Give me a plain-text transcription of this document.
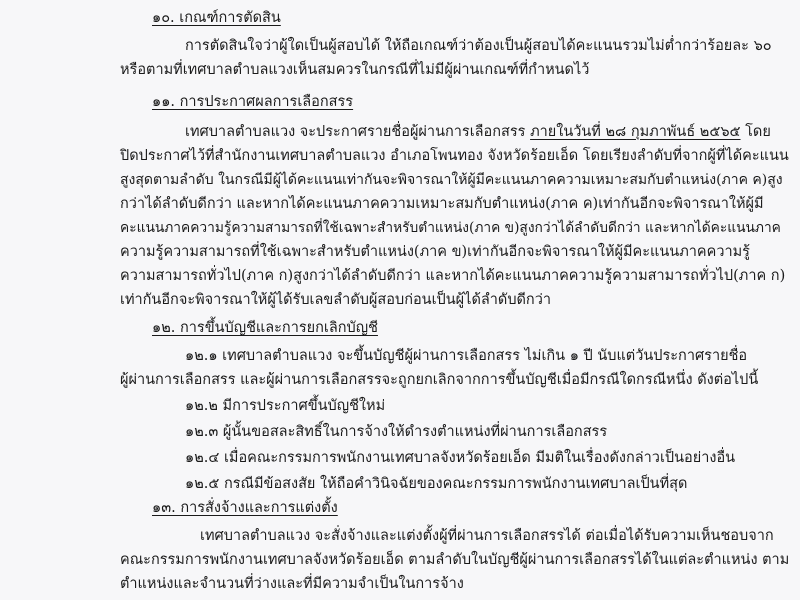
๑๐. เกณฑ์การตัดสิน
การตัดสินใจว่าผู้ใดเป็นผู้สอบได้ ให้ถือเกณฑ์ว่าต้องเป็นผู้สอบได้คะแนนรวมไม่ต่ำกว่าร้อยละ ๖๐
หรือตามที่เทศบาลตำบลแวงเห็นสมควรในกรณีที่ไม่มีผู้ผ่านเกณฑ์ที่กำหนดไว้
๑๑. การประกาศผลการเลือกสรร
เทศบาลตำบลแวง จะประกาศรายชื่อผู้ผ่านการเลือกสรร ภายในวันที่ ๒๘ กุมภาพันธ์ ๒๕๖๕ โดย
ปิดประกาศไว้ที่สำนักงานเทศบาลตำบลแวง อำเภอโพนทอง จังหวัดร้อยเอ็ด โดยเรียงลำดับที่จากผู้ที่ได้คะแนน
สูงสุดตามลำดับ ในกรณีมีผู้ได้คะแนนเท่ากันจะพิจารณาให้ผู้มีคะแนนภาคความเหมาะสมกับตำแหน่ง(ภาค ค)สูง
กว่าได้ลำดับดีกว่า และหากได้คะแนนภาคความเหมาะสมกับตำแหน่ง(ภาค ค)เท่ากันอีกจะพิจารณาให้ผู้มี
คะแนนภาคความรู้ความสามารถที่ใช้เฉพาะสำหรับตำแหน่ง(ภาค ข)สูงกว่าได้ลำดับดีกว่า และหากได้คะแนนภาค
ความรู้ความสามารถที่ใช้เฉพาะสำหรับตำแหน่ง(ภาค ข)เท่ากันอีกจะพิจารณาให้ผู้มีคะแนนภาคความรู้
ความสามารถทั่วไป(ภาค ก)สูงกว่าได้ลำดับดีกว่า และหากได้คะแนนภาคความรู้ความสามารถทั่วไป(ภาค ก)
เท่ากันอีกจะพิจารณาให้ผู้ได้รับเลขลำดับผู้สอบก่อนเป็นผู้ได้ลำดับดีกว่า
๑๒. การขึ้นบัญชีและการยกเลิกบัญชี
๑๒.๑ เทศบาลตำบลแวง จะขึ้นบัญชีผู้ผ่านการเลือกสรร ไม่เกิน ๑ ปี นับแต่วันประกาศรายชื่อ
ผู้ผ่านการเลือกสรร และผู้ผ่านการเลือกสรรจะถูกยกเลิกจากการขึ้นบัญชีเมื่อมีกรณีใดกรณีหนึ่ง ดังต่อไปนี้
๑๒.๒ มีการประกาศขึ้นบัญชีใหม่
๑๒.๓ ผู้นั้นขอสละสิทธิ์ในการจ้างให้ดำรงตำแหน่งที่ผ่านการเลือกสรร
๑๒.๔ เมื่อคณะกรรมการพนักงานเทศบาลจังหวัดร้อยเอ็ด มีมติในเรื่องดังกล่าวเป็นอย่างอื่น
๑๒.๕ กรณีมีข้อสงสัย ให้ถือคำวินิจฉัยของคณะกรรมการพนักงานเทศบาลเป็นที่สุด
๑๓. การสั่งจ้างและการแต่งตั้ง
เทศบาลตำบลแวง จะสั่งจ้างและแต่งตั้งผู้ที่ผ่านการเลือกสรรได้ ต่อเมื่อได้รับความเห็นชอบจาก
คณะกรรมการพนักงานเทศบาลจังหวัดร้อยเอ็ด ตามลำดับในบัญชีผู้ผ่านการเลือกสรรได้ในแต่ละตำแหน่ง ตาม
ตำแหน่งและจำนวนที่ว่างและที่มีความจำเป็นในการจ้าง
